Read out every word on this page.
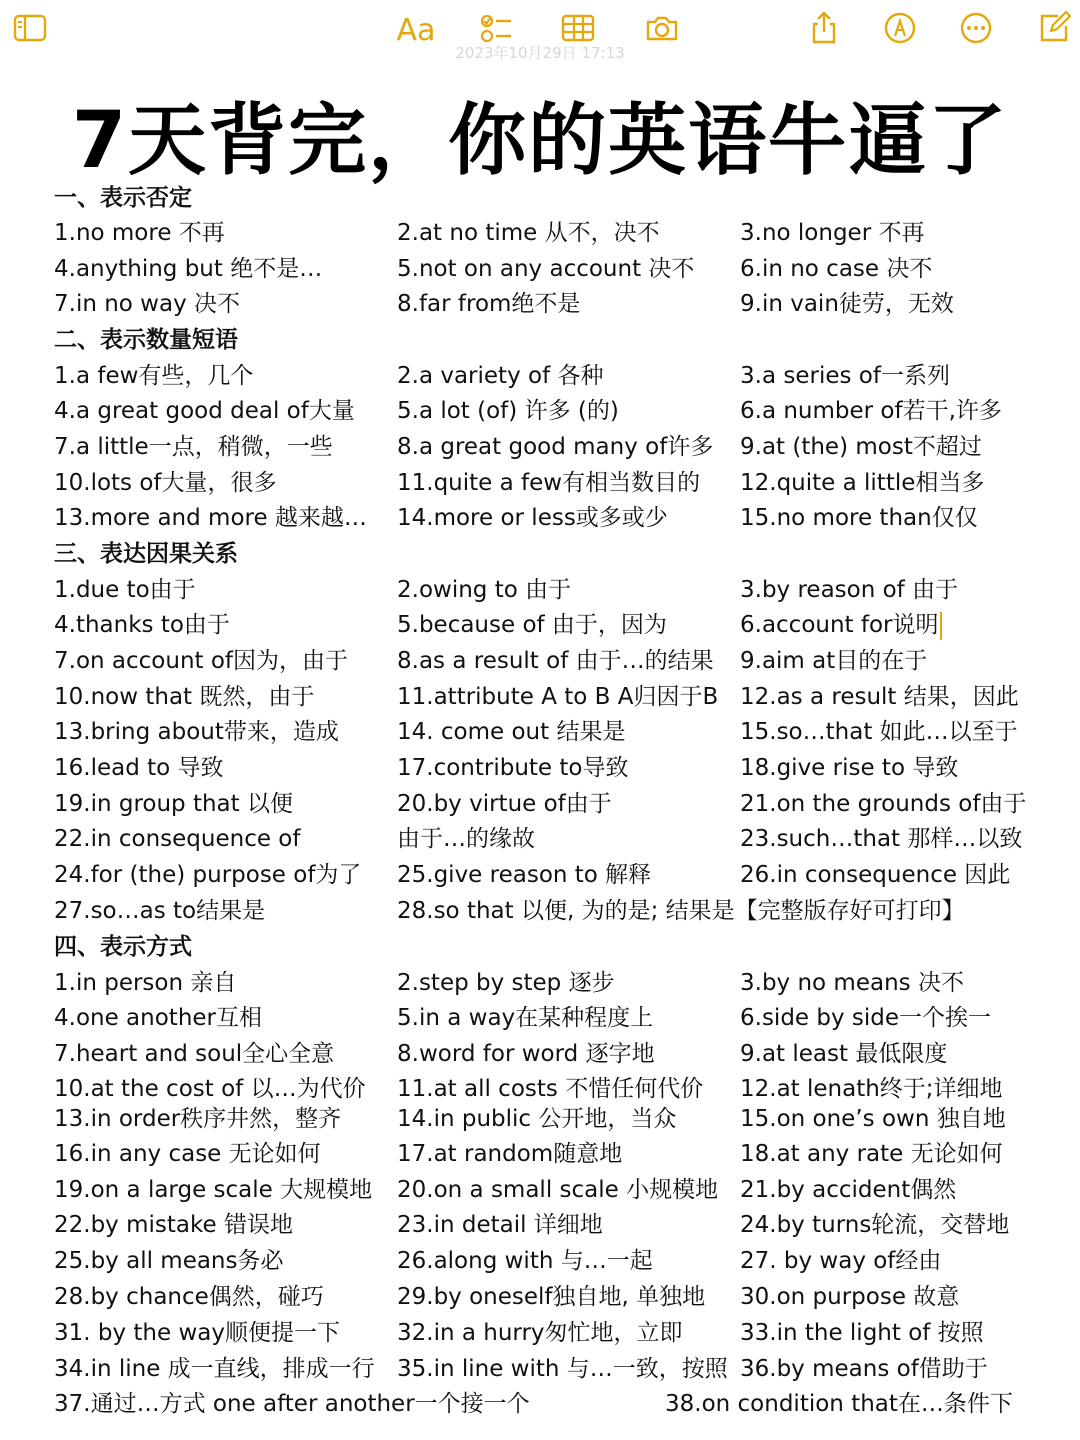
Aa
2023年10月29日 17:13
7天背完，你的英语牛逼了
一、表示否定
1.no more 不再	2.at no time 从不，决不	3.no longer 不再
4.anything but 绝不是…	5.not on any account 决不 6.in no case 决不
7.in no way 决不	8.far from绝不是	9.in vain徒劳，无效
二、表示数量短语
1.a few有些，几个	2.a variety of 各种	3.a series of一系列
4.a great good deal of大量 5.a lot (of) 许多 (的)	6.a number of若干,许多
7.a little一点，稍微，一些	8.a great good many of许多 9.at (the) most不超过
10.lots of大量，很多	11.quite a few有相当数目的 12.quite a little相当多
13.more and more 越来越… 14.more or less或多或少	15.no more than仅仅
三、表达因果关系
1.due to由于	2.owing to 由于	3.by reason of 由于
4.thanks to由于	5.because of 由于，因为	6.account for说明
7.on account of因为，由于 8.as a result of 由于…的结果 9.aim at目的在于
10.now that 既然，由于	11.attribute A to B A归因于B 12.as a result 结果，因此
13.bring about带来，造成	14. come out 结果是	15.so…that 如此…以至于
16.lead to 导致	17.contribute to导致	18.give rise to 导致
19.in group that 以便	20.by virtue of由于	21.on the grounds of由于
22.in consequence of	由于…的缘故	23.such…that 那样…以致
24.for (the) purpose of为了 25.give reason to 解释	26.in consequence 因此
27.so…as to结果是	28.so that 以便, 为的是; 结果是【完整版存好可打印】
四、表示方式
1.in person 亲自	2.step by step 逐步	3.by no means 决不
4.one another互相	5.in a way在某种程度上	6.side by side一个挨一
7.heart and soul全心全意	8.word for word 逐字地	9.at least 最低限度
10.at the cost of 以…为代价 11.at all costs 不惜任何代价 12.at lenath终于;详细地
13.in order秩序井然，整齐 14.in public 公开地，当众	15.on one’s own 独自地
16.in any case 无论如何	17.at random随意地	18.at any rate 无论如何
19.on a large scale 大规模地 20.on a small scale 小规模地 21.by accident偶然
22.by mistake 错误地	23.in detail 详细地	24.by turns轮流，交替地
25.by all means务必	26.along with 与…一起	27. by way of经由
28.by chance偶然，碰巧	29.by oneself独自地, 单独地 30.on purpose 故意
31. by the way顺便提一下 32.in a hurry匆忙地，立即 33.in the light of 按照
34.in line 成一直线，排成一行 35.in line with 与…一致，按照 36.by means of借助于
37.通过…方式 one after another一个接一个	38.on condition that在…条件下
